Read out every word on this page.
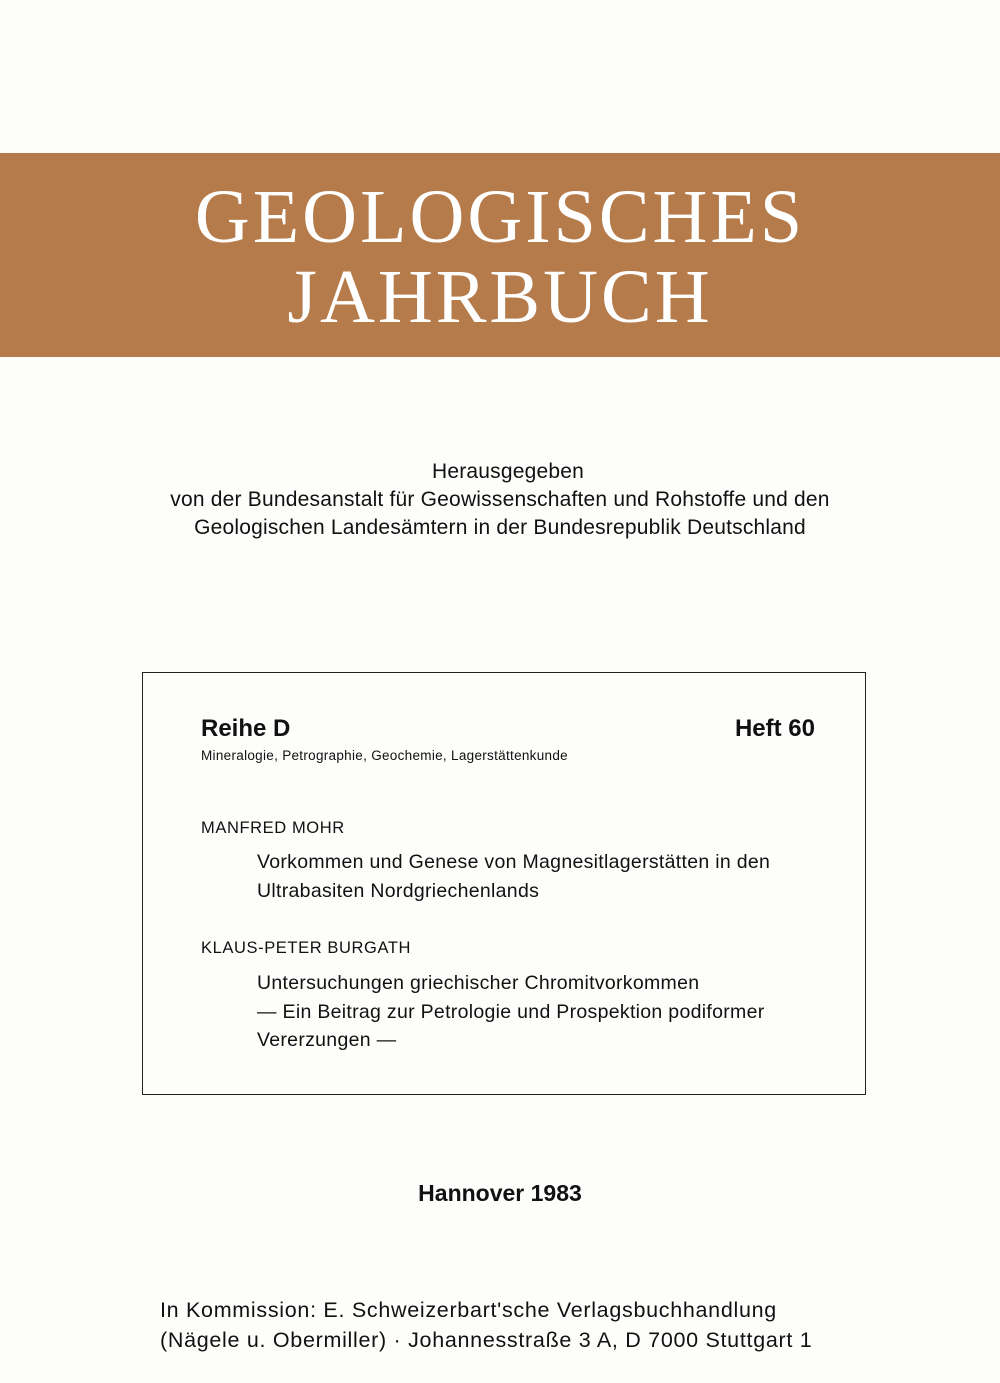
GEOLOGISCHES
JAHRBUCH
Herausgegeben
von der Bundesanstalt für Geowissenschaften und Rohstoffe und den
Geologischen Landesämtern in der Bundesrepublik Deutschland
Reihe D	Heft 60
Mineralogie, Petrographie, Geochemie, Lagerstättenkunde
MANFRED MOHR
Vorkommen und Genese von Magnesitlagerstätten in den
Ultrabasiten Nordgriechenlands
KLAUS-PETER BURGATH
Untersuchungen griechischer Chromitvorkommen
— Ein Beitrag zur Petrologie und Prospektion podiformer
Vererzungen —
Hannover 1983
In Kommission: E. Schweizerbart'sche Verlagsbuchhandlung
(Nägele u. Obermiller) · Johannesstraße 3 A, D 7000 Stuttgart 1
